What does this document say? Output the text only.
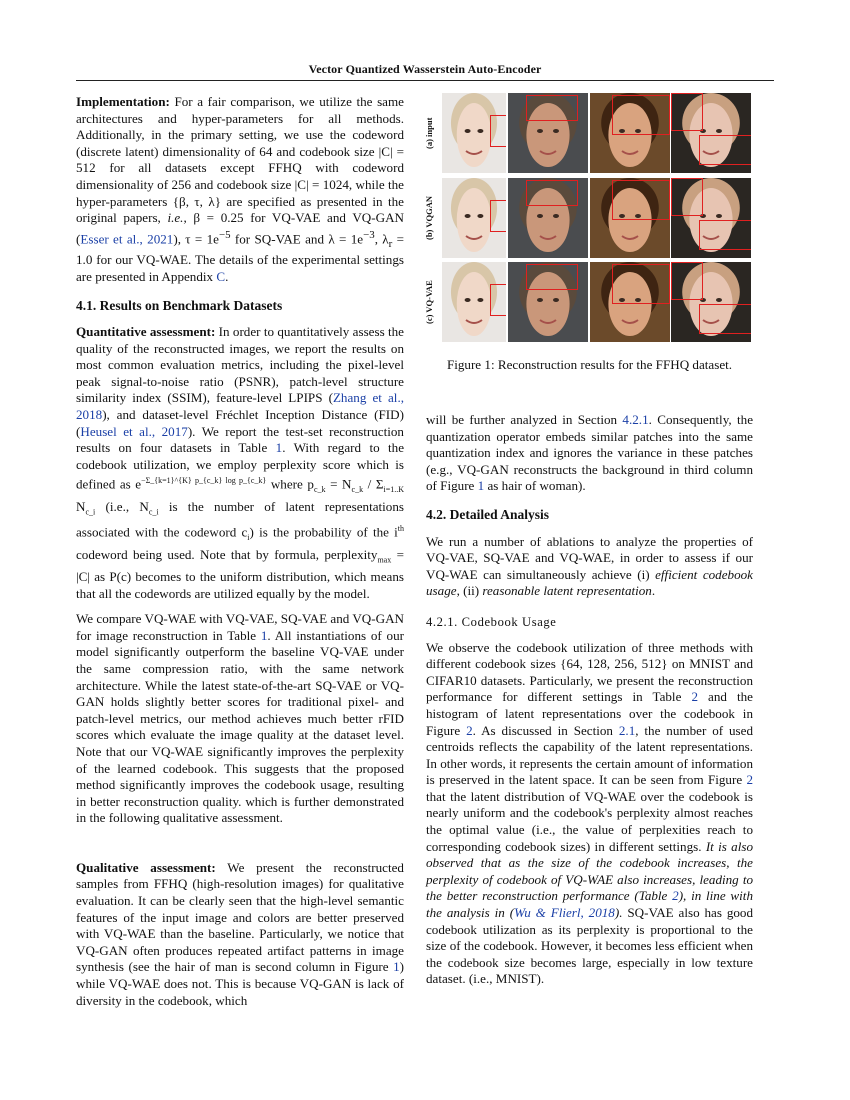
Vector Quantized Wasserstein Auto-Encoder
(a) input
(b) VQGAN
(c) VQ-VAE
Figure 1: Reconstruction results for the FFHQ dataset.

Implementation: For a fair comparison, we utilize the same architectures and hyper-parameters for all methods. Additionally, in the primary setting, we use the codeword (discrete latent) dimensionality of 64 and codebook size |C| = 512 for all datasets except FFHQ with codeword dimensionality of 256 and codebook size |C| = 1024, while the hyper-parameters {β, τ, λ} are specified as presented in the original papers, i.e., β = 0.25 for VQ-VAE and VQ-GAN (Esser et al., 2021), $\tau = 1e^{-5}$ for SQ-VAE and $\lambda = 1e^{-3}$, $\lambda_r = 1.0$ for our VQ-WAE. The details of the experimental settings are presented in Appendix C.

4.1. Results on Benchmark Datasets

Quantitative assessment: In order to quantitatively assess the quality of the reconstructed images, we report the results on most common evaluation metrics, including the pixel-level peak signal-to-noise ratio (PSNR), patch-level structure similarity index (SSIM), feature-level LPIPS (Zhang et al., 2018), and dataset-level Fréchlet Inception Distance (FID) (Heusel et al., 2017). We report the test-set reconstruction results on four datasets in Table 1. With regard to the codebook utilization, we employ perplexity score which is defined as $e^{-\Sigma\_\{k=1\}\^{}\{K\} p\_\{c\_k\} log p\_\{c\_k\}}$ where $p_{c\_k} = N_{c\_k} / \Sigma_{i=1..K}$ $N_{c\_i}$ (i.e., $N_{c\_i}$ is the number of latent representations associated with the codeword $c_i$) is the probability of the $i^{th}$ codeword being used. Note that by formula, perplexity$_{max}$ = |C| as P(c) becomes to the uniform distribution, which means that all the codewords are utilized equally by the model.

We compare VQ-WAE with VQ-VAE, SQ-VAE and VQ-GAN for image reconstruction in Table 1. All instantiations of our model significantly outperform the baseline VQ-VAE under the same compression ratio, with the same network architecture. While the latest state-of-the-art SQ-VAE or VQ-GAN holds slightly better scores for traditional pixel- and patch-level metrics, our method achieves much better rFID scores which evaluate the image quality at the dataset level. Note that our VQ-WAE significantly improves the perplexity of the learned codebook. This suggests that the proposed method significantly improves the codebook usage, resulting in better reconstruction quality. which is further demonstrated in the following qualitative assessment.

Qualitative assessment: We present the reconstructed samples from FFHQ (high-resolution images) for qualitative evaluation. It can be clearly seen that the high-level semantic features of the input image and colors are better preserved with VQ-WAE than the baseline. Particularly, we notice that VQ-GAN often produces repeated artifact patterns in image synthesis (see the hair of man is second column in Figure 1) while VQ-WAE does not. This is because VQ-GAN is lack of diversity in the codebook, which

will be further analyzed in Section 4.2.1. Consequently, the quantization operator embeds similar patches into the same quantization index and ignores the variance in these patches (e.g., VQ-GAN reconstructs the background in third column of Figure 1 as hair of woman).

4.2. Detailed Analysis

We run a number of ablations to analyze the properties of VQ-VAE, SQ-VAE and VQ-WAE, in order to assess if our VQ-WAE can simultaneously achieve (i) efficient codebook usage, (ii) reasonable latent representation.

4.2.1. Codebook Usage

We observe the codebook utilization of three methods with different codebook sizes {64, 128, 256, 512} on MNIST and CIFAR10 datasets. Particularly, we present the reconstruction performance for different settings in Table 2 and the histogram of latent representations over the codebook in Figure 2. As discussed in Section 2.1, the number of used centroids reflects the capability of the latent representations. In other words, it represents the certain amount of information is preserved in the latent space. It can be seen from Figure 2 that the latent distribution of VQ-WAE over the codebook is nearly uniform and the codebook's perplexity almost reaches the optimal value (i.e., the value of perplexities reach to corresponding codebook sizes) in different settings. It is also observed that as the size of the codebook increases, the perplexity of codebook of VQ-WAE also increases, leading to the better reconstruction performance (Table 2), in line with the analysis in (Wu & Flierl, 2018). SQ-VAE also has good codebook utilization as its perplexity is proportional to the size of the codebook. However, it becomes less efficient when the codebook size becomes large, especially in low texture dataset. (i.e., MNIST).
